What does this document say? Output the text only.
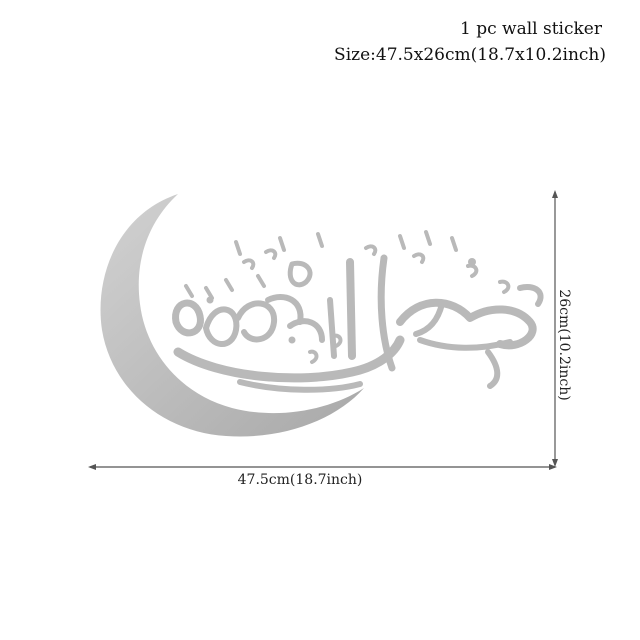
1 pc wall sticker
Size:47.5x26cm(18.7x10.2inch)
47.5cm(18.7inch)
26cm(10.2inch)
